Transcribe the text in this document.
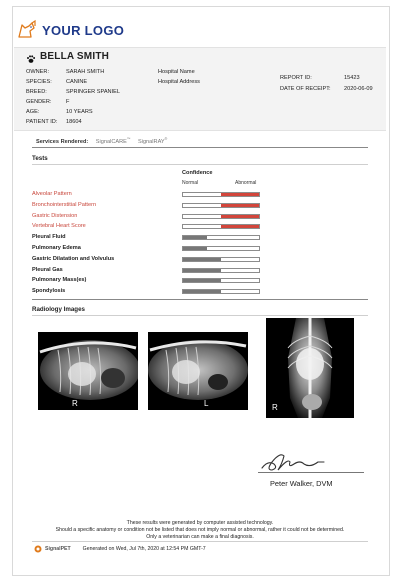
YOUR LOGO
BELLA SMITH
OWNER:	SARAH SMITH
SPECIES:	CANINE
BREED:	SPRINGER SPANIEL
GENDER:	F
AGE:	10 YEARS
PATIENT ID: 18604
Hospital Name
Hospital Address
REPORT ID:	15423
DATE OF RECEIPT: 2020-06-09
Services Rendered: SignalCARE™ SignalRAY®
Tests
Confidence
Normal	Abnormal
Alveolar Pattern
Bronchointerstitial Pattern
Gastric Distension
Vertebral Heart Score
Pleural Fluid
Pulmonary Edema
Gastric Dilatation and Volvulus
Pleural Gas
Pulmonary Mass(es)
Spondylosis
Radiology Images
R	L	R
Peter Walker, DVM
These results were generated by computer assisted technology.
Should a specific anatomy or condition not be listed that does not imply normal or abnormal, rather it could not be determined.
Only a veterinarian can make a final diagnosis.
SignalPET Generated on Wed, Jul 7th, 2020 at 12:54 PM GMT-7
